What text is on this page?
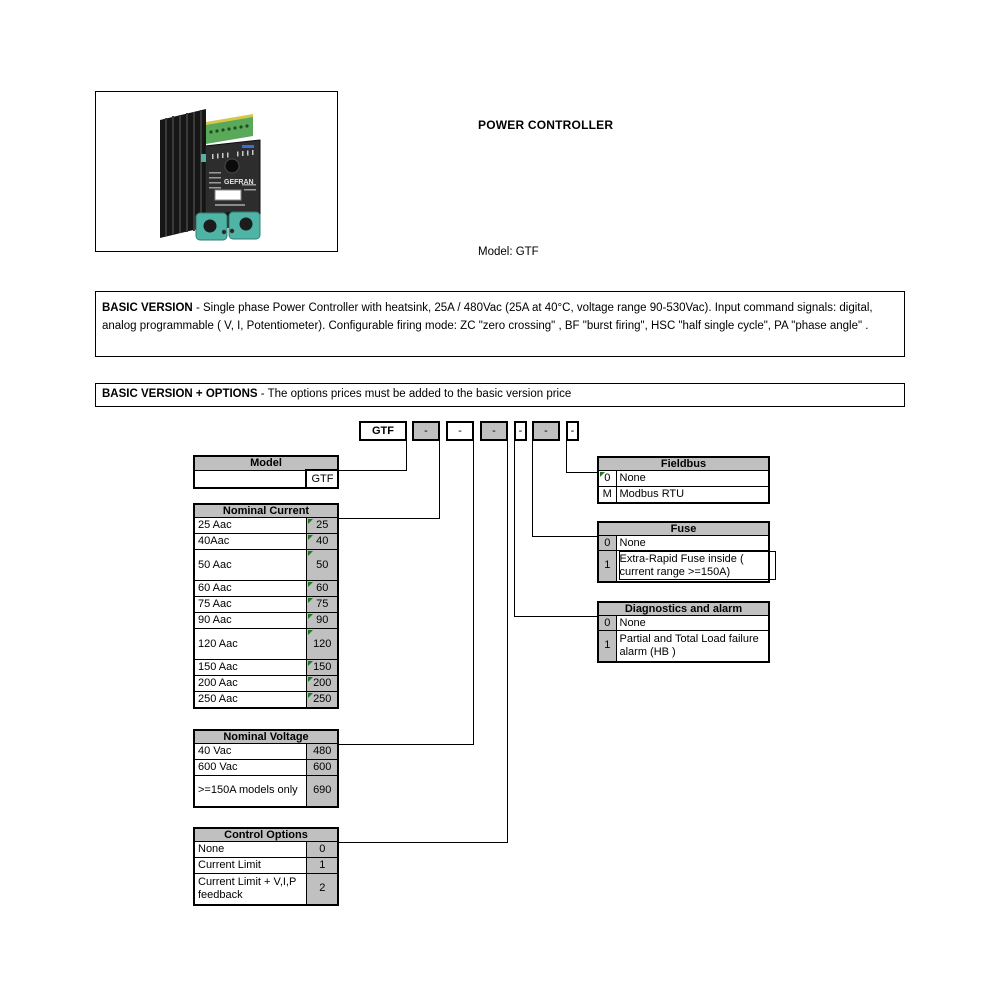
GEFRAN
POWER CONTROLLER
Model: GTF
BASIC VERSION - Single phase Power Controller with heatsink, 25A / 480Vac (25A at 40°C, voltage range 90-530Vac). Input command signals: digital, analog programmable ( V, I, Potentiometer). Configurable firing mode: ZC "zero crossing" , BF "burst firing", HSC "half single cycle", PA "phase angle" .
BASIC VERSION + OPTIONS - The options prices must be added to the basic version price
GTF	-	-	-	-	-	-
Model
	GTF
Nominal Current	
25 Aac	25
40Aac	40
50 Aac	50
60 Aac	60
75 Aac	75
90 Aac	90
120 Aac	120
150 Aac	150
200 Aac	200
250 Aac	250
Nominal Voltage	
40 Vac	480
600 Vac	600
>=150A models only	690
Control Options	
None	0
Current Limit	1
Current Limit + V,I,P feedback	2
Fieldbus	

0	None
M	Modbus RTU
Fuse	
0	None
1	Extra-Rapid Fuse inside ( current range >=150A)
Diagnostics and alarm	
0	None
1	Partial and Total Load failure alarm (HB )
